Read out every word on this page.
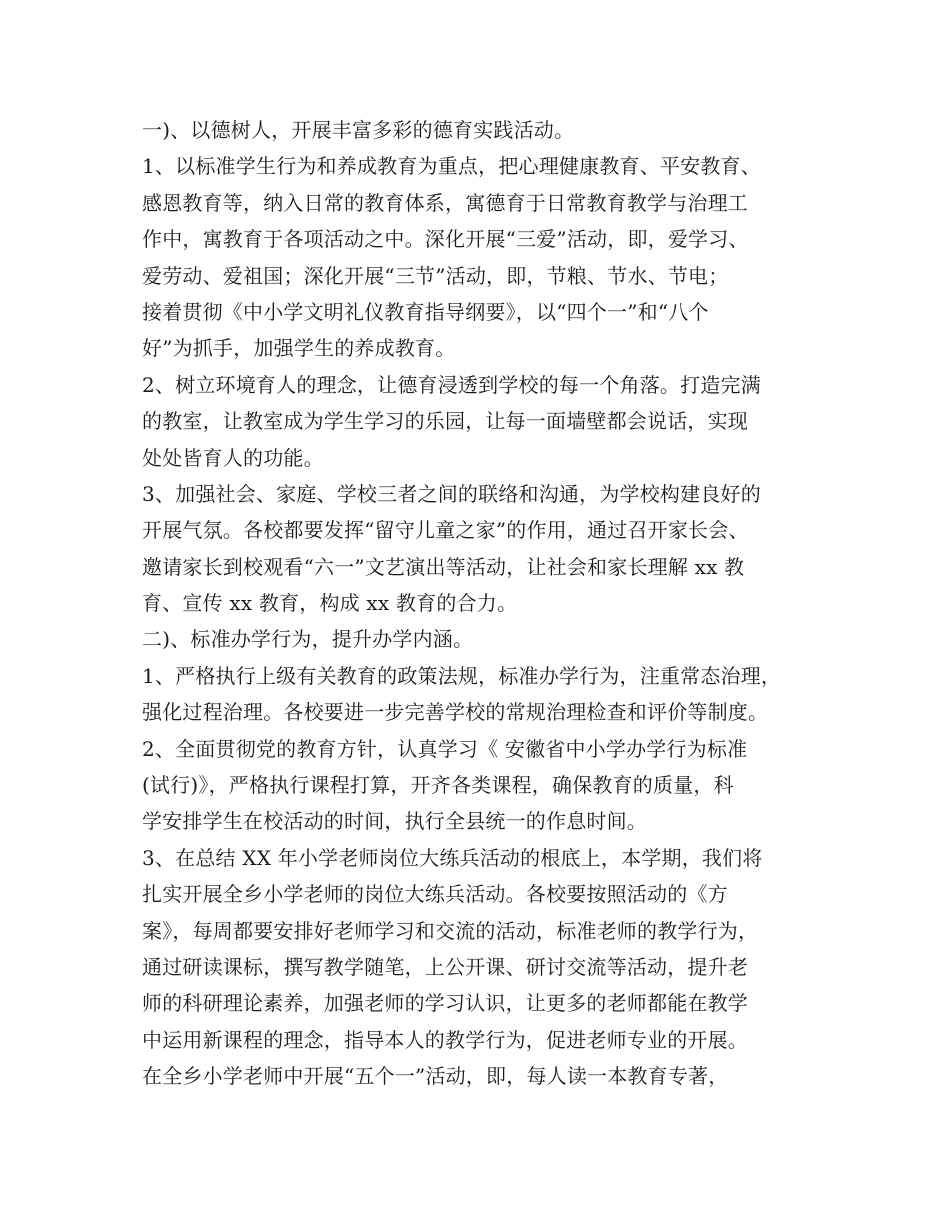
一)、以德树人，开展丰富多彩的德育实践活动。
1、以标准学生行为和养成教育为重点，把心理健康教育、平安教育、
感恩教育等，纳入日常的教育体系，寓德育于日常教育教学与治理工
作中，寓教育于各项活动之中。深化开展“三爱”活动，即，爱学习、
爱劳动、爱祖国；深化开展“三节”活动，即，节粮、节水、节电；
接着贯彻《中小学文明礼仪教育指导纲要》，以“四个一”和“八个
好”为抓手，加强学生的养成教育。
2、树立环境育人的理念，让德育浸透到学校的每一个角落。打造完满
的教室，让教室成为学生学习的乐园，让每一面墙壁都会说话，实现
处处皆育人的功能。
3、加强社会、家庭、学校三者之间的联络和沟通，为学校构建良好的
开展气氛。各校都要发挥“留守儿童之家”的作用，通过召开家长会、
邀请家长到校观看“六一”文艺演出等活动，让社会和家长理解 xx 教
育、宣传 xx 教育，构成 xx 教育的合力。
二)、标准办学行为，提升办学内涵。
1、严格执行上级有关教育的政策法规，标准办学行为，注重常态治理，
强化过程治理。各校要进一步完善学校的常规治理检查和评价等制度。
2、全面贯彻党的教育方针，认真学习《 安徽省中小学办学行为标准
(试行)》，严格执行课程打算，开齐各类课程，确保教育的质量，科
学安排学生在校活动的时间，执行全县统一的作息时间。
3、在总结 XX 年小学老师岗位大练兵活动的根底上，本学期，我们将
扎实开展全乡小学老师的岗位大练兵活动。各校要按照活动的《方
案》，每周都要安排好老师学习和交流的活动，标准老师的教学行为，
通过研读课标，撰写教学随笔，上公开课、研讨交流等活动，提升老
师的科研理论素养，加强老师的学习认识，让更多的老师都能在教学
中运用新课程的理念，指导本人的教学行为，促进老师专业的开展。
在全乡小学老师中开展“五个一”活动，即，每人读一本教育专著，
